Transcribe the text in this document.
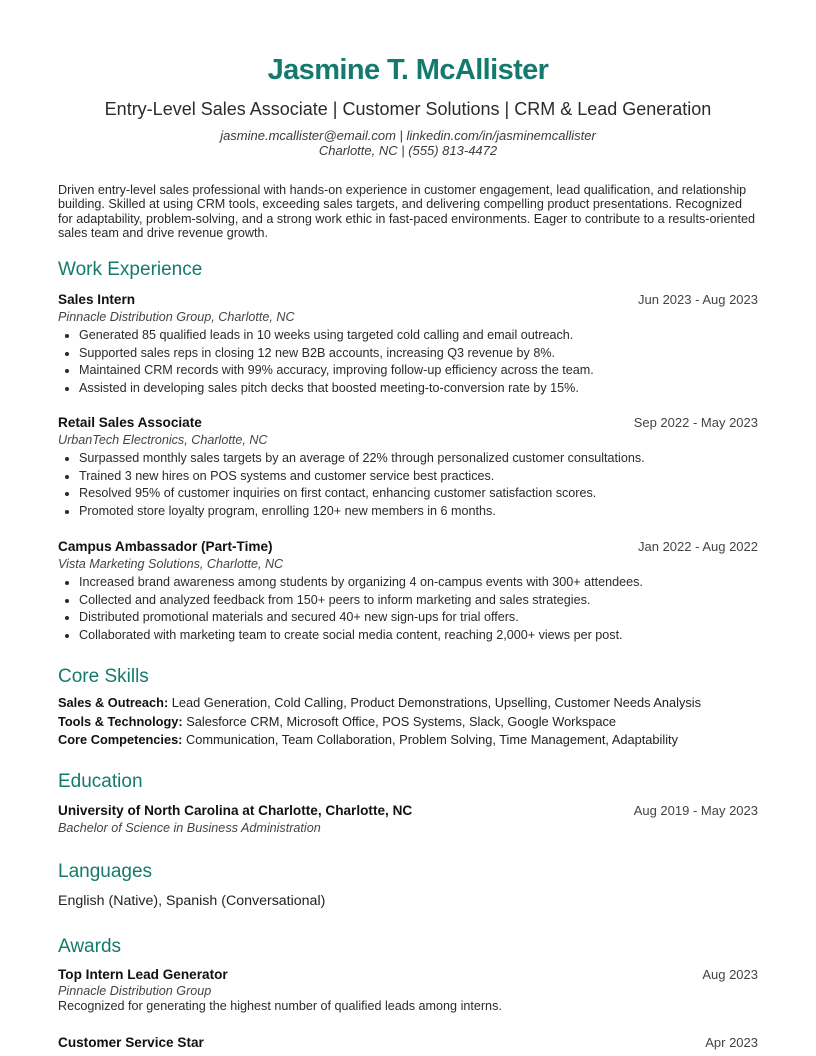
Jasmine T. McAllister
Entry-Level Sales Associate | Customer Solutions | CRM & Lead Generation
jasmine.mcallister@email.com | linkedin.com/in/jasminemcallister
Charlotte, NC | (555) 813-4472
Driven entry-level sales professional with hands-on experience in customer engagement, lead qualification, and relationship building. Skilled at using CRM tools, exceeding sales targets, and delivering compelling product presentations. Recognized for adaptability, problem-solving, and a strong work ethic in fast-paced environments. Eager to contribute to a results-oriented sales team and drive revenue growth.
Work Experience
Sales Intern	Jun 2023 - Aug 2023
Pinnacle Distribution Group, Charlotte, NC
• Generated 85 qualified leads in 10 weeks using targeted cold calling and email outreach.
• Supported sales reps in closing 12 new B2B accounts, increasing Q3 revenue by 8%.
• Maintained CRM records with 99% accuracy, improving follow-up efficiency across the team.
• Assisted in developing sales pitch decks that boosted meeting-to-conversion rate by 15%.
Retail Sales Associate	Sep 2022 - May 2023
UrbanTech Electronics, Charlotte, NC
• Surpassed monthly sales targets by an average of 22% through personalized customer consultations.
• Trained 3 new hires on POS systems and customer service best practices.
• Resolved 95% of customer inquiries on first contact, enhancing customer satisfaction scores.
• Promoted store loyalty program, enrolling 120+ new members in 6 months.
Campus Ambassador (Part-Time)	Jan 2022 - Aug 2022
Vista Marketing Solutions, Charlotte, NC
• Increased brand awareness among students by organizing 4 on-campus events with 300+ attendees.
• Collected and analyzed feedback from 150+ peers to inform marketing and sales strategies.
• Distributed promotional materials and secured 40+ new sign-ups for trial offers.
• Collaborated with marketing team to create social media content, reaching 2,000+ views per post.
Core Skills
Sales & Outreach: Lead Generation, Cold Calling, Product Demonstrations, Upselling, Customer Needs Analysis
Tools & Technology: Salesforce CRM, Microsoft Office, POS Systems, Slack, Google Workspace
Core Competencies: Communication, Team Collaboration, Problem Solving, Time Management, Adaptability
Education
University of North Carolina at Charlotte, Charlotte, NC	Aug 2019 - May 2023
Bachelor of Science in Business Administration
Languages
English (Native), Spanish (Conversational)
Awards
Top Intern Lead Generator	Aug 2023
Pinnacle Distribution Group
Recognized for generating the highest number of qualified leads among interns.
Customer Service Star	Apr 2023
